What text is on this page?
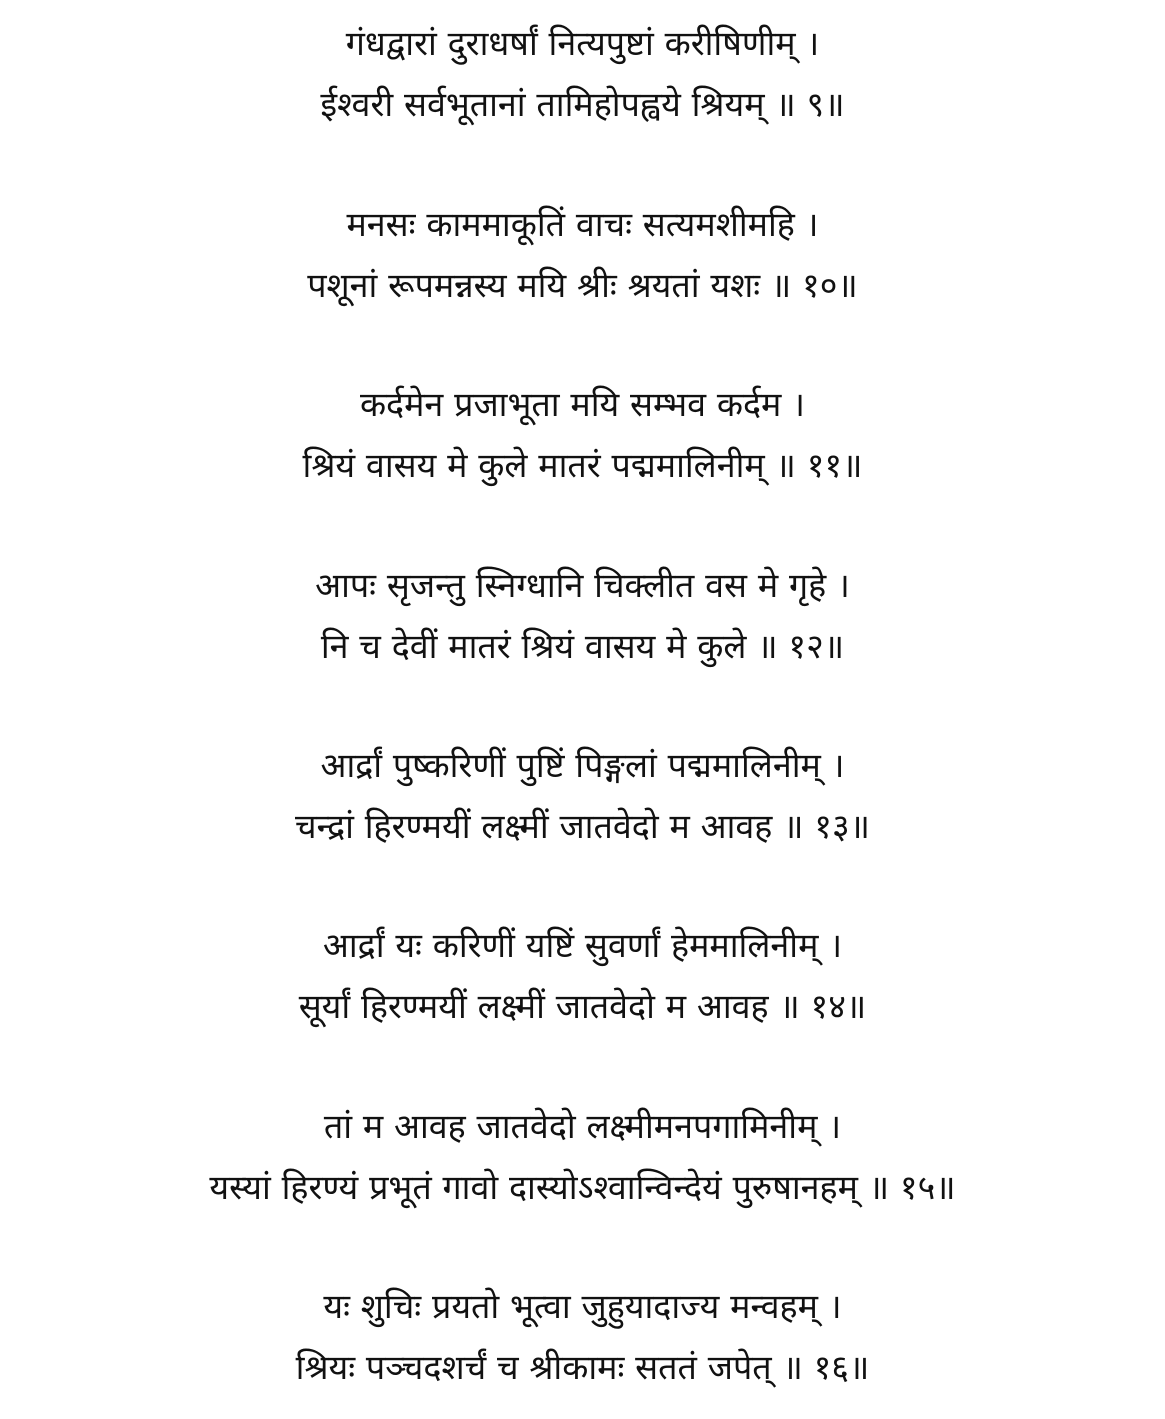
गंधद्वारां दुराधर्षां नित्यपुष्टां करीषिणीम् ।
ईश्वरी सर्वभूतानां तामिहोपह्वये श्रियम् ॥ ९॥
मनसः काममाकूतिं वाचः सत्यमशीमहि ।
पशूनां रूपमन्नस्य मयि श्रीः श्रयतां यशः ॥ १०॥
कर्दमेन प्रजाभूता मयि सम्भव कर्दम ।
श्रियं वासय मे कुले मातरं पद्ममालिनीम् ॥ ११॥
आपः सृजन्तु स्निग्धानि चिक्लीत वस मे गृहे ।
नि च देवीं मातरं श्रियं वासय मे कुले ॥ १२॥
आर्द्रां पुष्करिणीं पुष्टिं पिङ्गलां पद्ममालिनीम् ।
चन्द्रां हिरण्मयीं लक्ष्मीं जातवेदो म आवह ॥ १३॥
आर्द्रां यः करिणीं यष्टिं सुवर्णां हेममालिनीम् ।
सूर्यां हिरण्मयीं लक्ष्मीं जातवेदो म आवह ॥ १४॥
तां म आवह जातवेदो लक्ष्मीमनपगामिनीम् ।
यस्यां हिरण्यं प्रभूतं गावो दास्योऽश्वान्विन्देयं पुरुषानहम् ॥ १५॥
यः शुचिः प्रयतो भूत्वा जुहुयादाज्य मन्वहम् ।
श्रियः पञ्चदशर्चं च श्रीकामः सततं जपेत् ॥ १६॥
